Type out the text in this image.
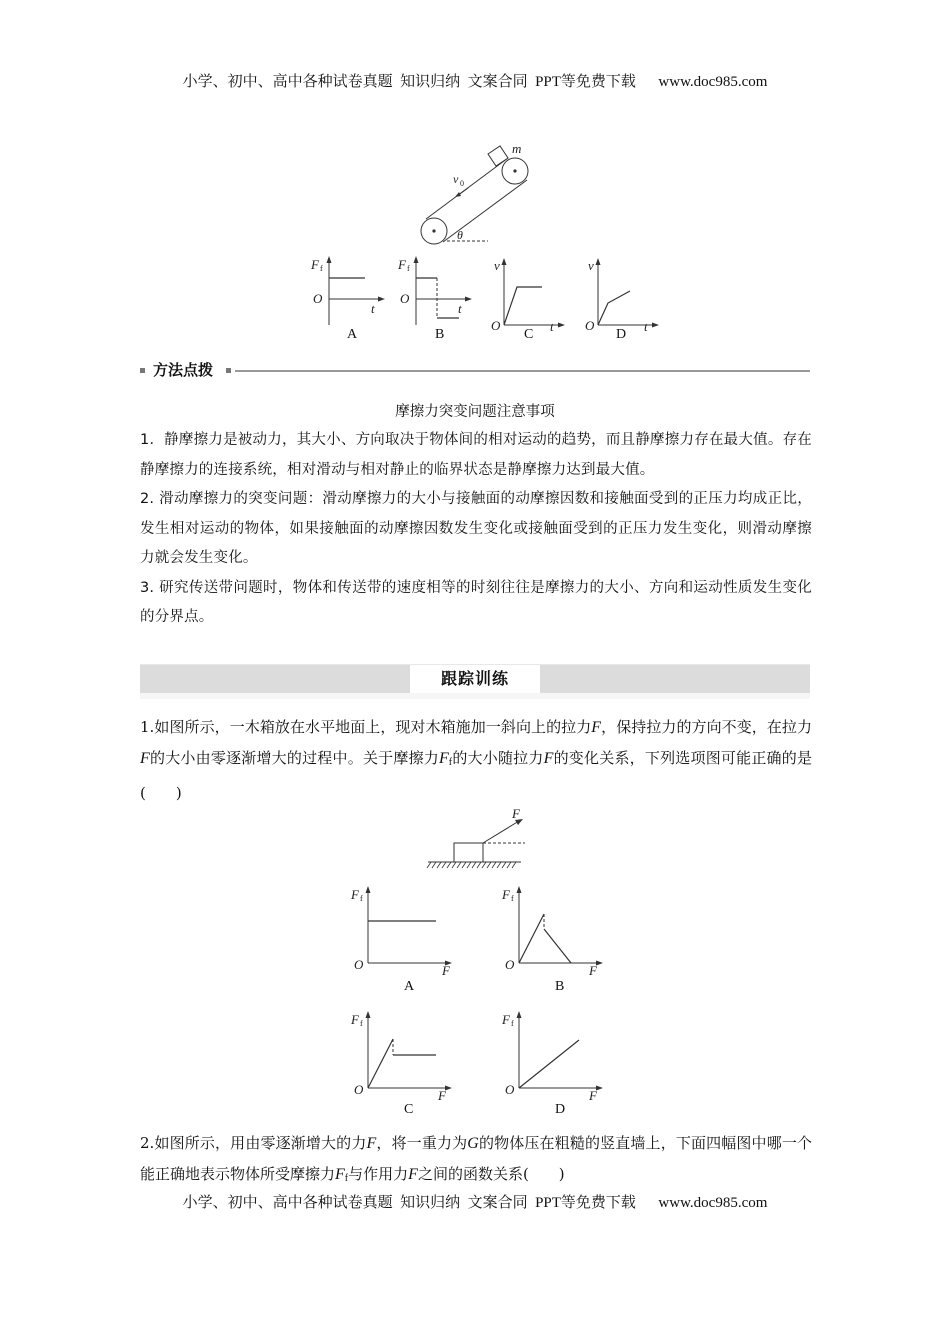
小学、初中、高中各种试卷真题  知识归纳  文案合同  PPT等免费下载      www.doc985.com
m
v 0
θ
F f
O
t
A
F f
O
t
B
v
O	t
C
v
O	t
D
方法点拨
摩擦力突变问题注意事项

1．静摩擦力是被动力，其大小、方向取决于物体间的相对运动的趋势，而且静摩擦力存在最大值。存在静摩擦力的连接系统，相对滑动与相对静止的临界状态是静摩擦力达到最大值。

2. 滑动摩擦力的突变问题：滑动摩擦力的大小与接触面的动摩擦因数和接触面受到的正压力均成正比，发生相对运动的物体，如果接触面的动摩擦因数发生变化或接触面受到的正压力发生变化，则滑动摩擦力就会发生变化。

3. 研究传送带问题时，物体和传送带的速度相等的时刻往往是摩擦力的大小、方向和运动性质发生变化的分界点。

跟踪训练

1.如图所示，一木箱放在水平地面上，现对木箱施加一斜向上的拉力F，保持拉力的方向不变，在拉力F的大小由零逐渐增大的过程中。关于摩擦力$F_f$的大小随拉力F的变化关系，下列选项图可能正确的是(　　)

F
F f
O	F
A
F f
O	F
B
F f
O	F
C
F f
O	F
D

2.如图所示，用由零逐渐增大的力F，将一重力为G的物体压在粗糙的竖直墙上，下面四幅图中哪一个能正确地表示物体所受摩擦力$F_f$与作用力F之间的函数关系(　　)

小学、初中、高中各种试卷真题  知识归纳  文案合同  PPT等免费下载      www.doc985.com
